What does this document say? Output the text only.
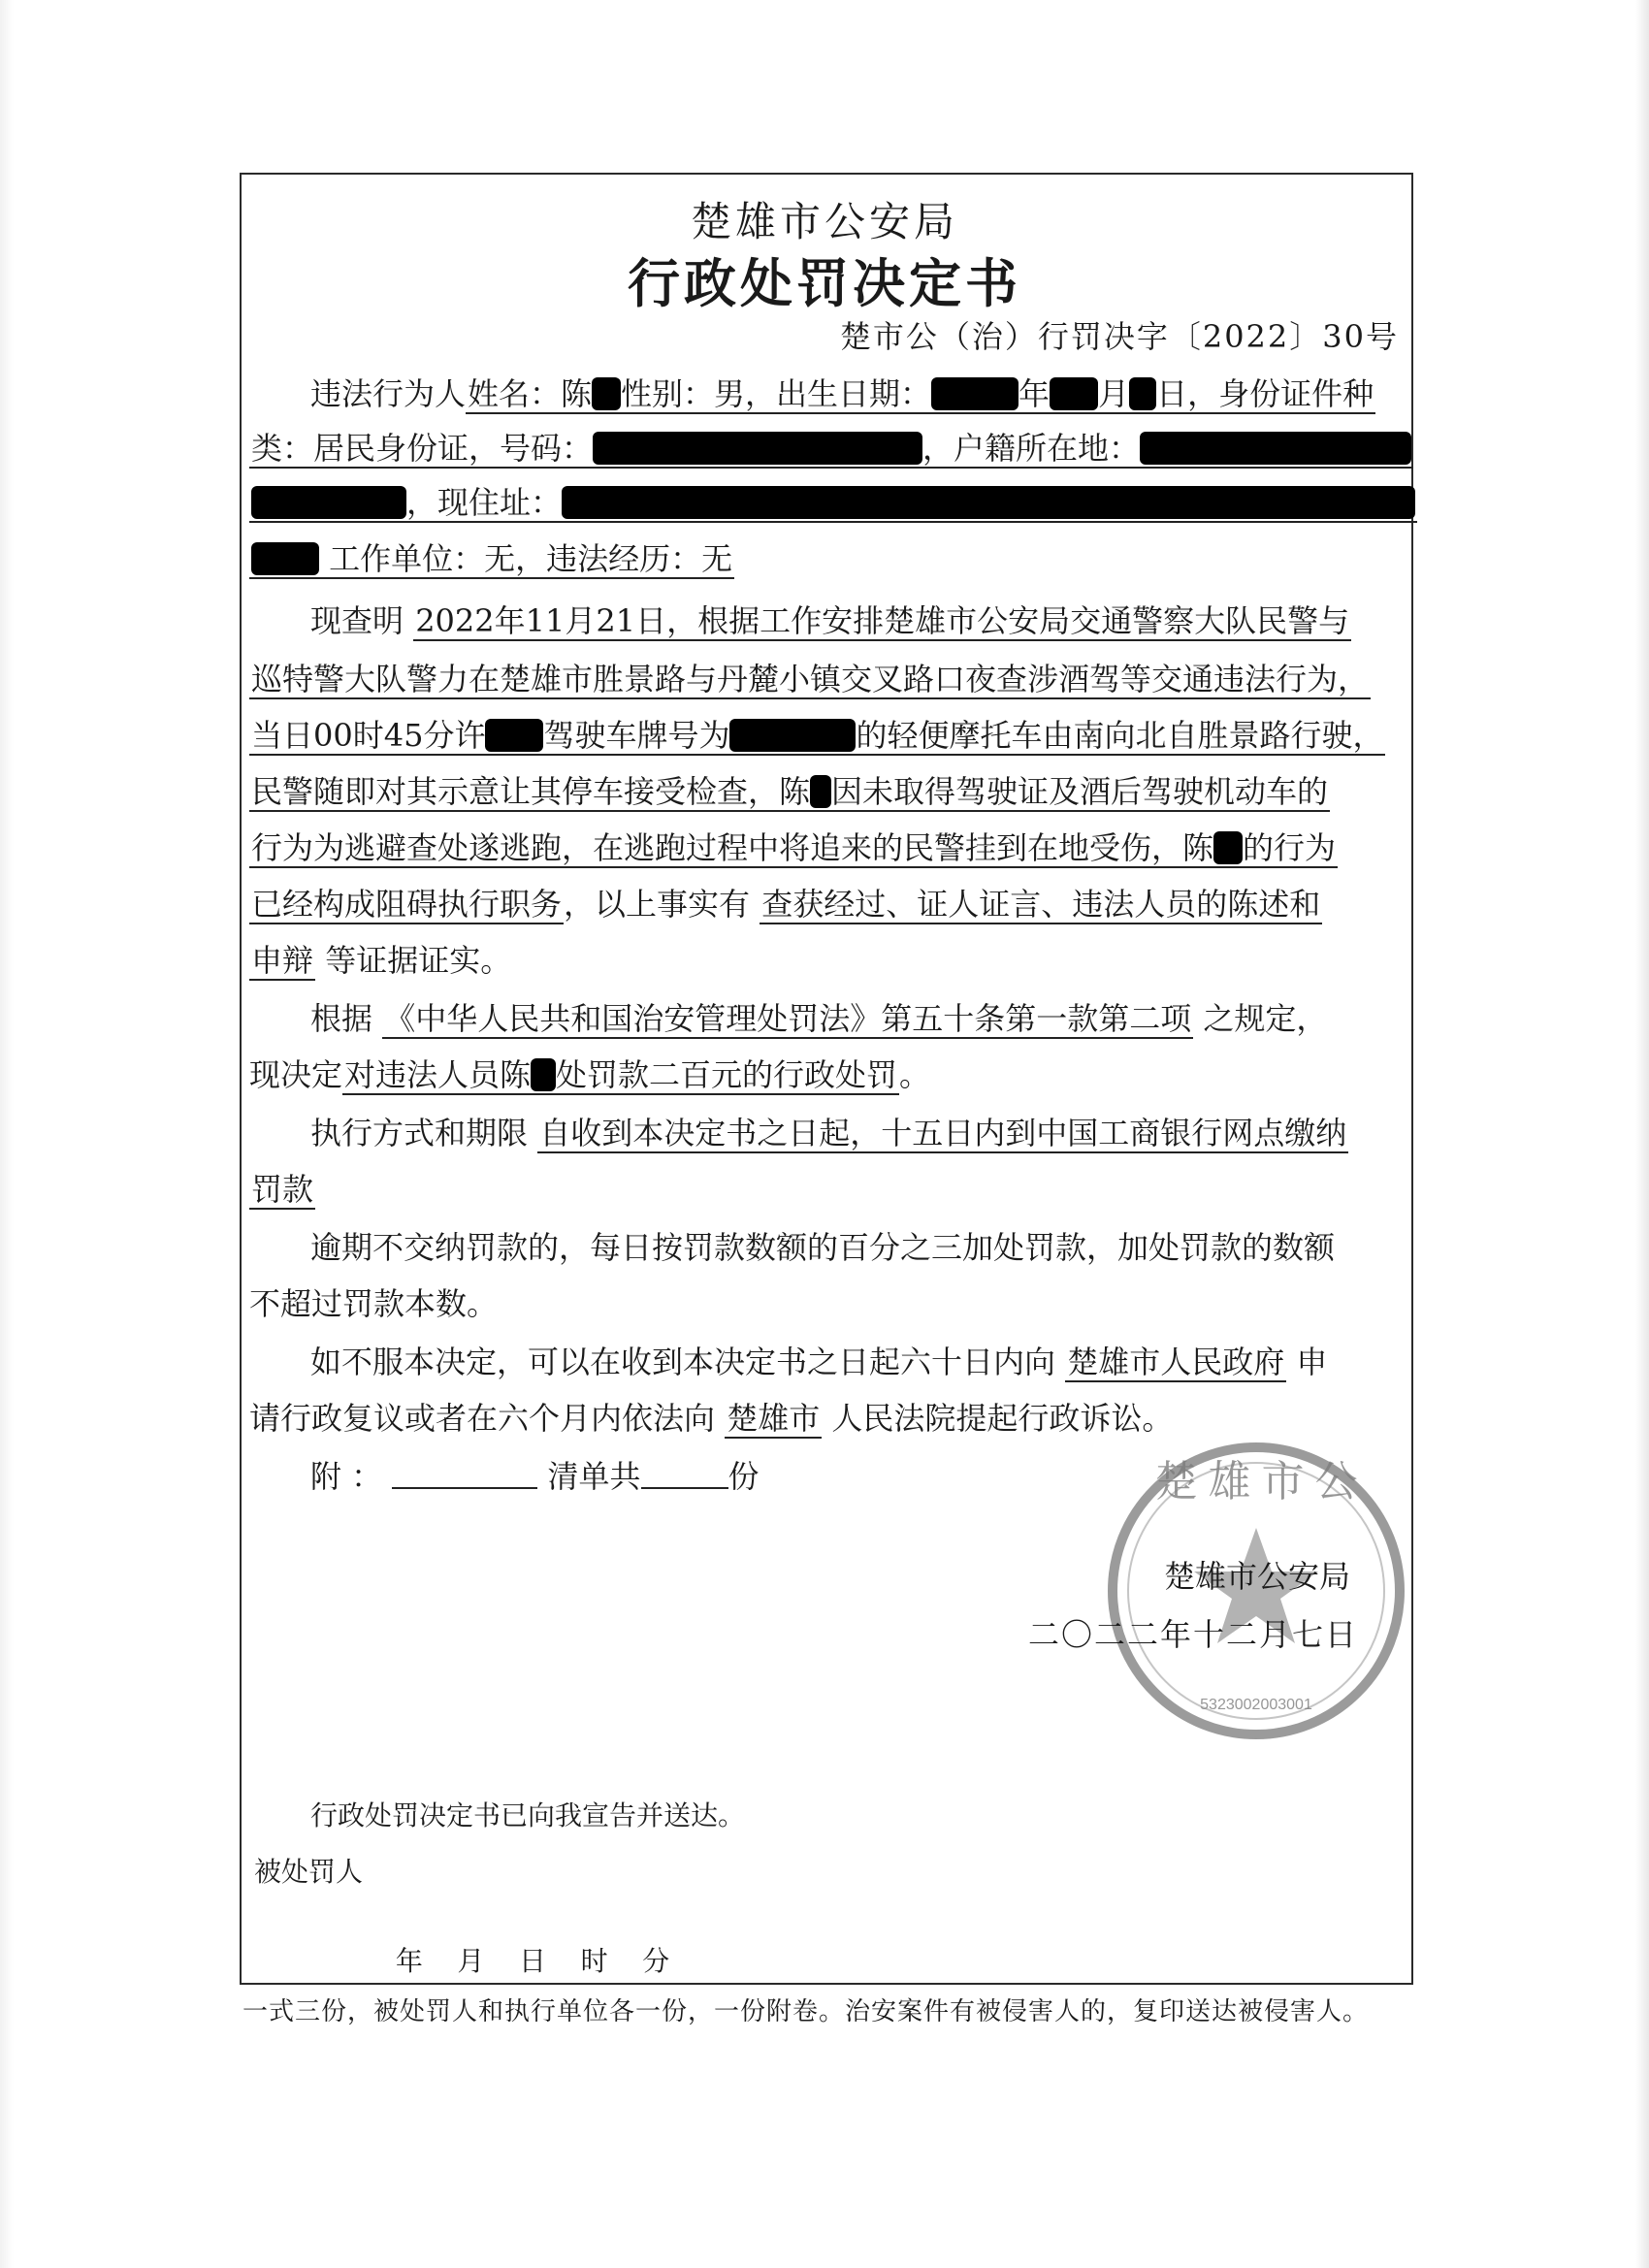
楚雄市公安局
行政处罚决定书
楚市公（治）行罚决字〔2022〕30号
违法行为人姓名：陈 性别：男，出生日期：	年 月 日，身份证件种
类：居民身份证，号码：	，户籍所在地：
，现住址：
工作单位：无，违法经历：无
现查明 2022年11月21日，根据工作安排楚雄市公安局交通警察大队民警与
巡特警大队警力在楚雄市胜景路与丹麓小镇交叉路口夜查涉酒驾等交通违法行为，
当日00时45分许 驾驶车牌号为	的轻便摩托车由南向北自胜景路行驶，
民警随即对其示意让其停车接受检查，陈 因未取得驾驶证及酒后驾驶机动车的
行为为逃避查处遂逃跑，在逃跑过程中将追来的民警挂到在地受伤，陈 的行为
已经构成阻碍执行职务，以上事实有 查获经过、证人证言、违法人员的陈述和
申辩 等证据证实。
根据 《中华人民共和国治安管理处罚法》第五十条第一款第二项 之规定，
现决定对违法人员陈 处罚款二百元的行政处罚。
执行方式和期限 自收到本决定书之日起，十五日内到中国工商银行网点缴纳
罚款
逾期不交纳罚款的，每日按罚款数额的百分之三加处罚款，加处罚款的数额
不超过罚款本数。
如不服本决定，可以在收到本决定书之日起六十日内向 楚雄市人民政府 申
请行政复议或者在六个月内依法向 楚雄市 人民法院提起行政诉讼。
附 ：	清单共	份	楚 雄 市 公
5323002003001
楚雄市公安局
二〇二二年十二月七日
行政处罚决定书已向我宣告并送达。
被处罚人

年    月    日    时    分

一式三份，被处罚人和执行单位各一份，一份附卷。治安案件有被侵害人的，复印送达被侵害人。
